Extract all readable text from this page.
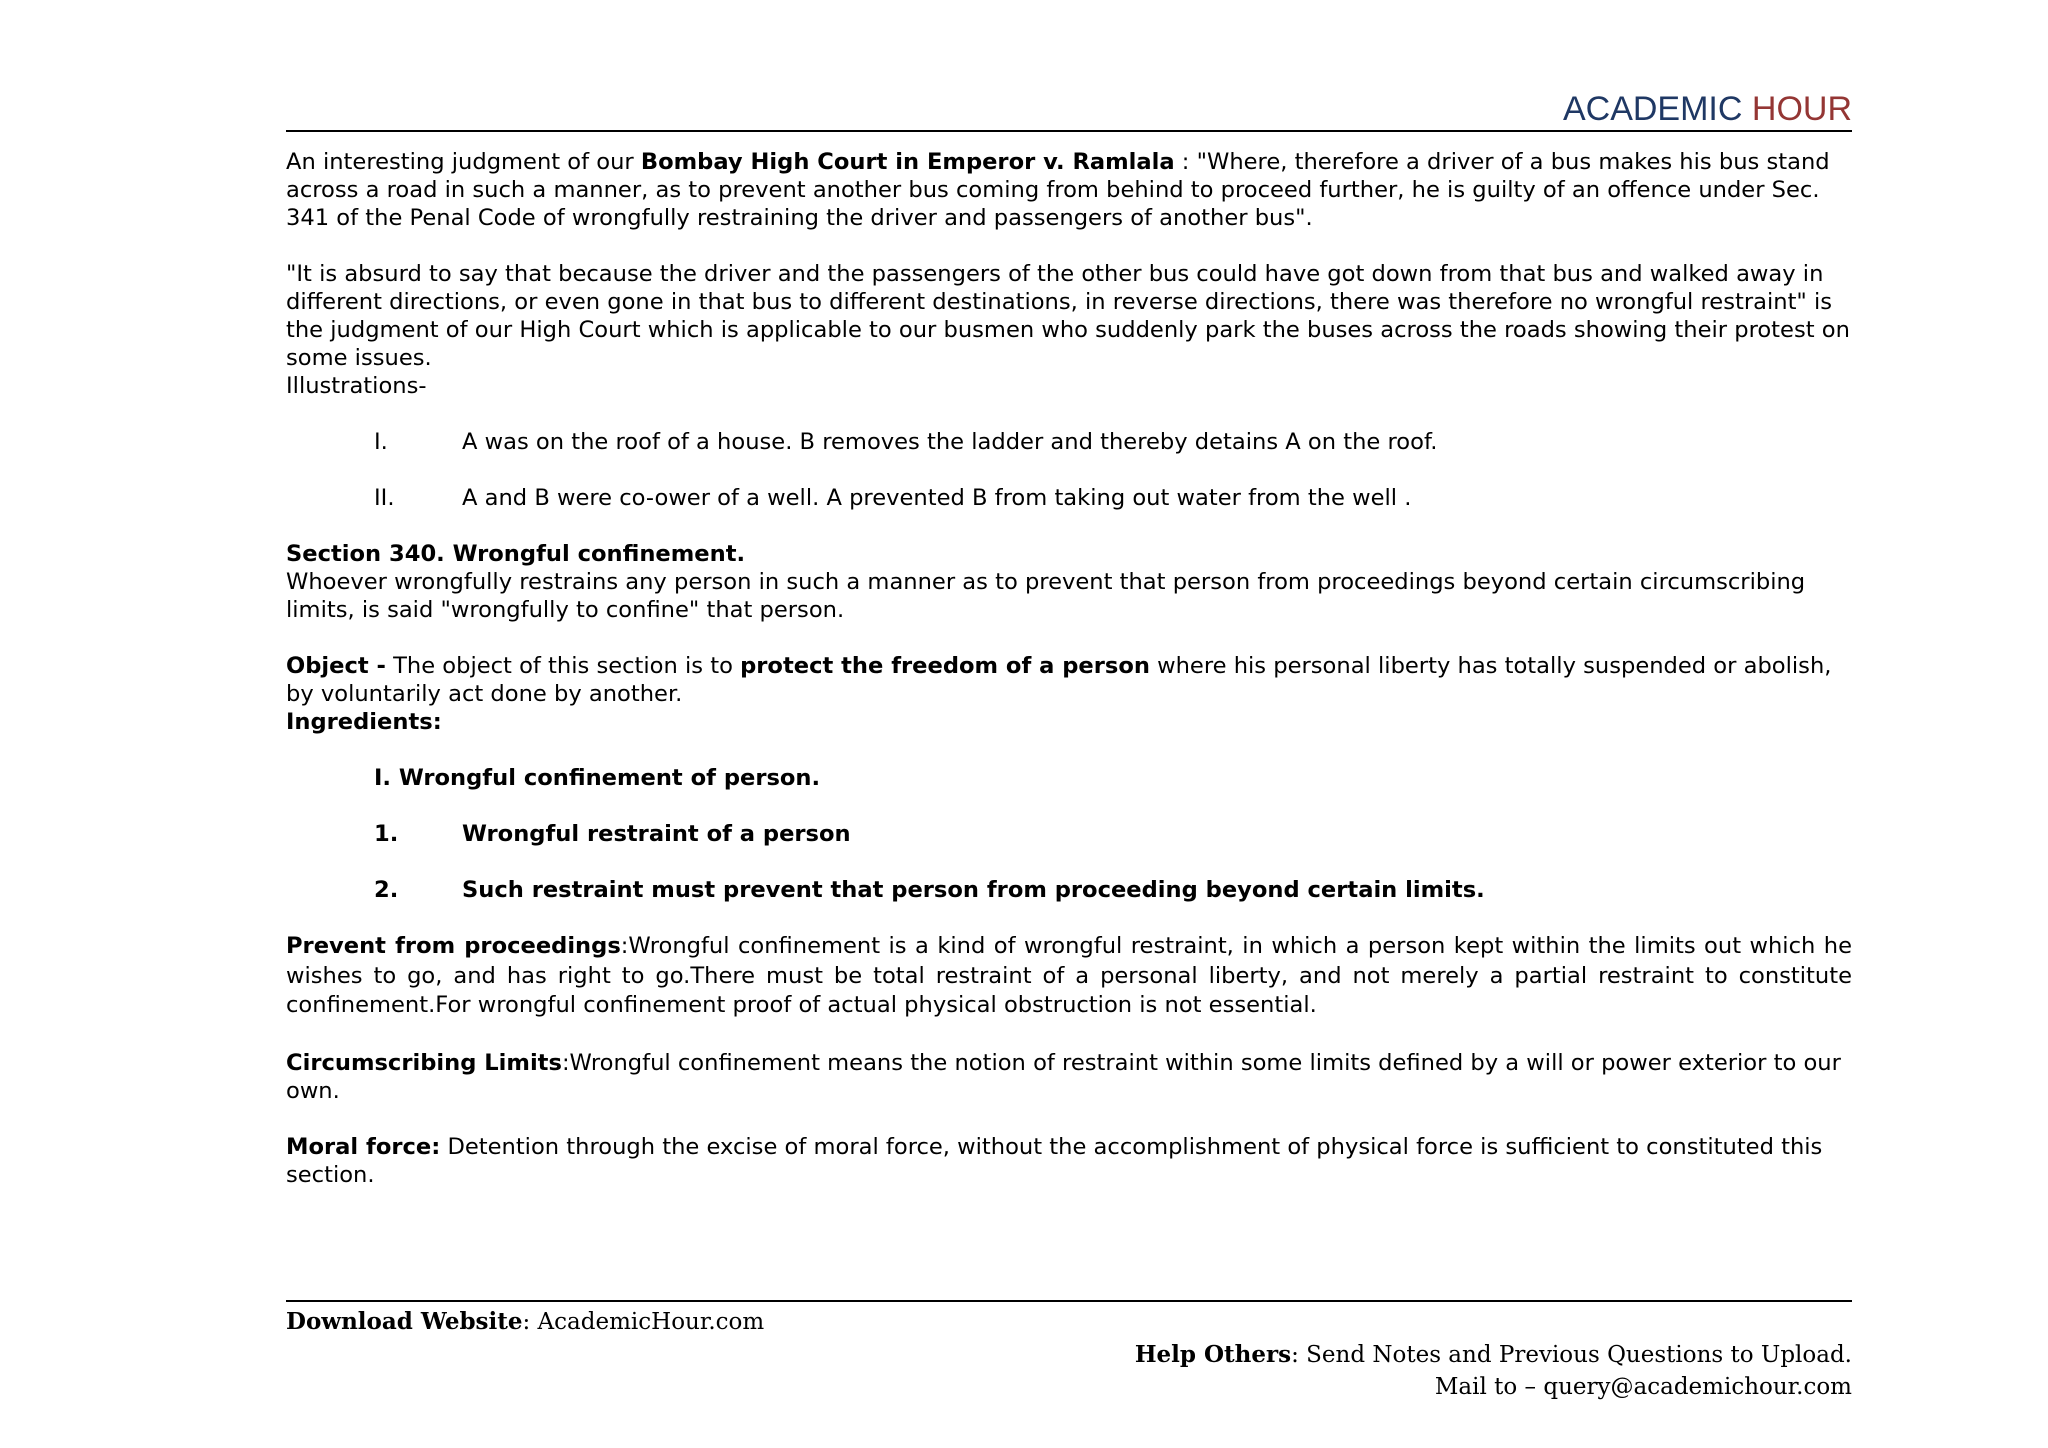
ACADEMIC HOUR

An interesting judgment of our Bombay High Court in Emperor v. Ramlala : "Where, therefore a driver of a bus makes his bus stand across a road in such a manner, as to prevent another bus coming from behind to proceed further, he is guilty of an offence under Sec. 341 of the Penal Code of wrongfully restraining the driver and passengers of another bus".

"It is absurd to say that because the driver and the passengers of the other bus could have got down from that bus and walked away in different directions, or even gone in that bus to different destinations, in reverse directions, there was therefore no wrongful restraint" is the judgment of our High Court which is applicable to our busmen who suddenly park the buses across the roads showing their protest on some issues.

Illustrations-

I.	A was on the roof of a house. B removes the ladder and thereby detains A on the roof.

II.	A and B were co-ower of a well. A prevented B from taking out water from the well .

Section 340. Wrongful confinement.

Whoever wrongfully restrains any person in such a manner as to prevent that person from proceedings beyond certain circumscribing limits, is said "wrongfully to confine" that person.

Object - The object of this section is to protect the freedom of a person where his personal liberty has totally suspended or abolish, by voluntarily act done by another.

Ingredients:

I. Wrongful confinement of person.

1.	Wrongful restraint of a person

2.	Such restraint must prevent that person from proceeding beyond certain limits.

Prevent from proceedings:Wrongful confinement is a kind of wrongful restraint, in which a person kept within the limits out which he wishes to go, and has right to go.There must be total restraint of a personal liberty, and not merely a partial restraint to constitute confinement.For wrongful confinement proof of actual physical obstruction is not essential.

Circumscribing Limits:Wrongful confinement means the notion of restraint within some limits defined by a will or power exterior to our own.

Moral force: Detention through the excise of moral force, without the accomplishment of physical force is sufficient to constituted this section.

Download Website: AcademicHour.com
Help Others: Send Notes and Previous Questions to Upload.
Mail to – query@academichour.com
